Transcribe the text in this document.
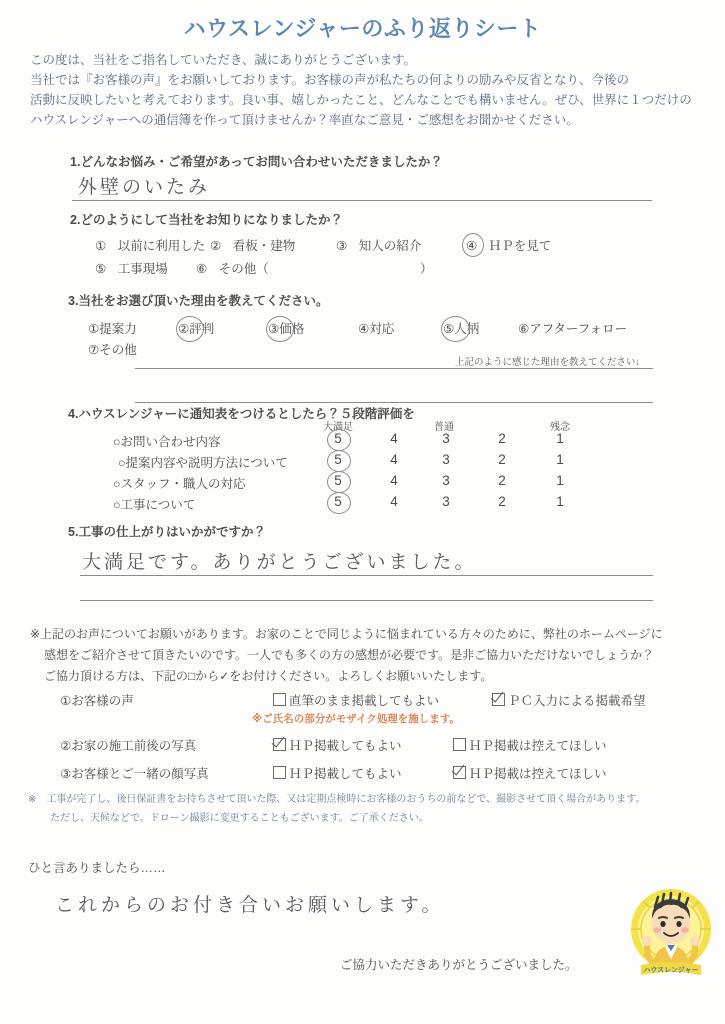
ハウスレンジャーのふり返りシート
この度は、当社をご指名していただき、誠にありがとうございます。
当社では『お客様の声』をお願いしております。お客様の声が私たちの何よりの励みや反省となり、今後の
活動に反映したいと考えております。良い事、嬉しかったこと、どんなことでも構いません。ぜひ、世界に１つだけの
ハウスレンジャーへの通信簿を作って頂けませんか？率直なご意見・ご感想をお聞かせください。
1.どんなお悩み・ご希望があってお問い合わせいただきましたか？
外壁のいたみ
2.どのようにして当社をお知りになりましたか？
① 以前に利用した ② 看板・建物	③ 知人の紹介	④ ＨＰを見て
⑤ 工事現場 ⑥ その他（	）
3.当社をお選び頂いた理由を教えてください。
①提案力	②評判	③価格	④対応	⑤人柄	⑥アフターフォロー
⑦その他
上記のように感じた理由を教えてください↓
4.ハウスレンジャーに通知表をつけるとしたら？５段階評価を
大満足	普通	残念
○お問い合わせ内容	5	4	3	2	1
○提案内容や説明方法について	5	4	3	2	1
○スタッフ・職人の対応	5	4	3	2	1
○工事について	5	4	3	2	1
5.工事の仕上がりはいかがですか？
大満足です。ありがとうございました。
※上記のお声についてお願いがあります。お家のことで同じように悩まれている方々のために、弊社のホームページに
感想をご紹介させて頂きたいのです。一人でも多くの方の感想が必要です。是非ご協力いただけないでしょうか？
ご協力頂ける方は、下記の□から✓をお付けください。よろしくお願いいたします。
①お客様の声	直筆のまま掲載してもよい	ＰＣ入力による掲載希望
※ご氏名の部分がモザイク処理を施します。
②お家の施工前後の写真	ＨＰ掲載してもよい	ＨＰ掲載は控えてほしい
③お客様とご一緒の顔写真	ＨＰ掲載してもよい	ＨＰ掲載は控えてほしい
※　工事が完了し、後日保証書をお持ちさせて頂いた際、又は定期点検時にお客様のおうちの前などで、撮影させて頂く場合があります。
ただし、天候などで、ドローン撮影に変更することもございます。ご了承ください。
ひと言ありましたら……
これからのお付き合いお願いします。
ご協力いただきありがとうございました。	ハウスレンジャー
